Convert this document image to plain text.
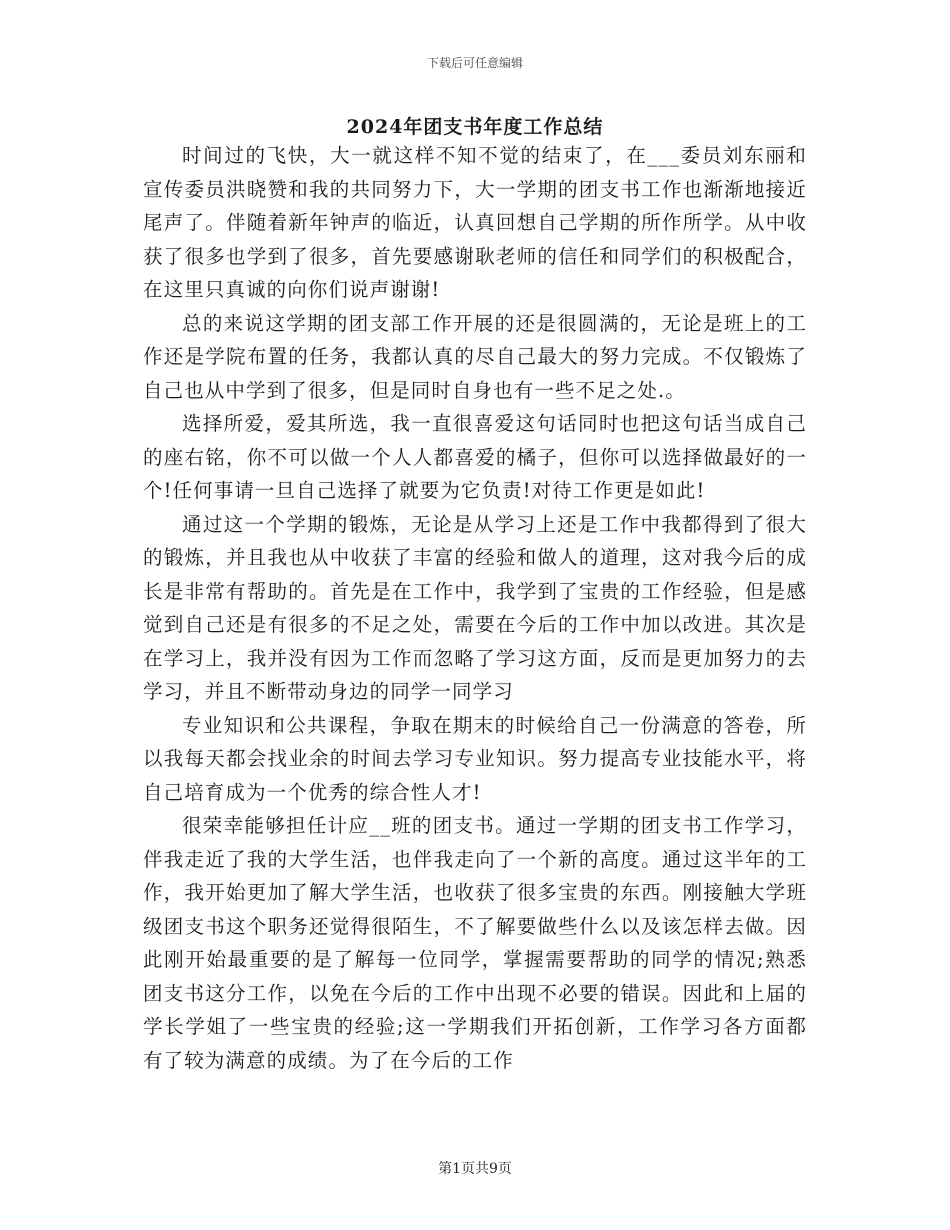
下载后可任意编辑
2024年团支书年度工作总结

时间过的飞快，大一就这样不知不觉的结束了，在___委员刘东丽和宣传委员洪晓赞和我的共同努力下，大一学期的团支书工作也渐渐地接近尾声了。伴随着新年钟声的临近，认真回想自己学期的所作所学。从中收获了很多也学到了很多，首先要感谢耿老师的信任和同学们的积极配合，在这里只真诚的向你们说声谢谢!

总的来说这学期的团支部工作开展的还是很圆满的，无论是班上的工作还是学院布置的任务，我都认真的尽自己最大的努力完成。不仅锻炼了自己也从中学到了很多，但是同时自身也有一些不足之处.。

选择所爱，爱其所选，我一直很喜爱这句话同时也把这句话当成自己的座右铭，你不可以做一个人人都喜爱的橘子，但你可以选择做最好的一个!任何事请一旦自己选择了就要为它负责!对待工作更是如此!

通过这一个学期的锻炼，无论是从学习上还是工作中我都得到了很大的锻炼，并且我也从中收获了丰富的经验和做人的道理，这对我今后的成长是非常有帮助的。首先是在工作中，我学到了宝贵的工作经验，但是感觉到自己还是有很多的不足之处，需要在今后的工作中加以改进。其次是在学习上，我并没有因为工作而忽略了学习这方面，反而是更加努力的去学习，并且不断带动身边的同学一同学习

专业知识和公共课程，争取在期末的时候给自己一份满意的答卷，所以我每天都会找业余的时间去学习专业知识。努力提高专业技能水平，将自己培育成为一个优秀的综合性人才!

很荣幸能够担任计应__班的团支书。通过一学期的团支书工作学习，伴我走近了我的大学生活，也伴我走向了一个新的高度。通过这半年的工作，我开始更加了解大学生活，也收获了很多宝贵的东西。刚接触大学班级团支书这个职务还觉得很陌生，不了解要做些什么以及该怎样去做。因此刚开始最重要的是了解每一位同学，掌握需要帮助的同学的情况;熟悉团支书这分工作，以免在今后的工作中出现不必要的错误。因此和上届的学长学姐了一些宝贵的经验;这一学期我们开拓创新，工作学习各方面都有了较为满意的成绩。为了在今后的工作

第1页共9页
